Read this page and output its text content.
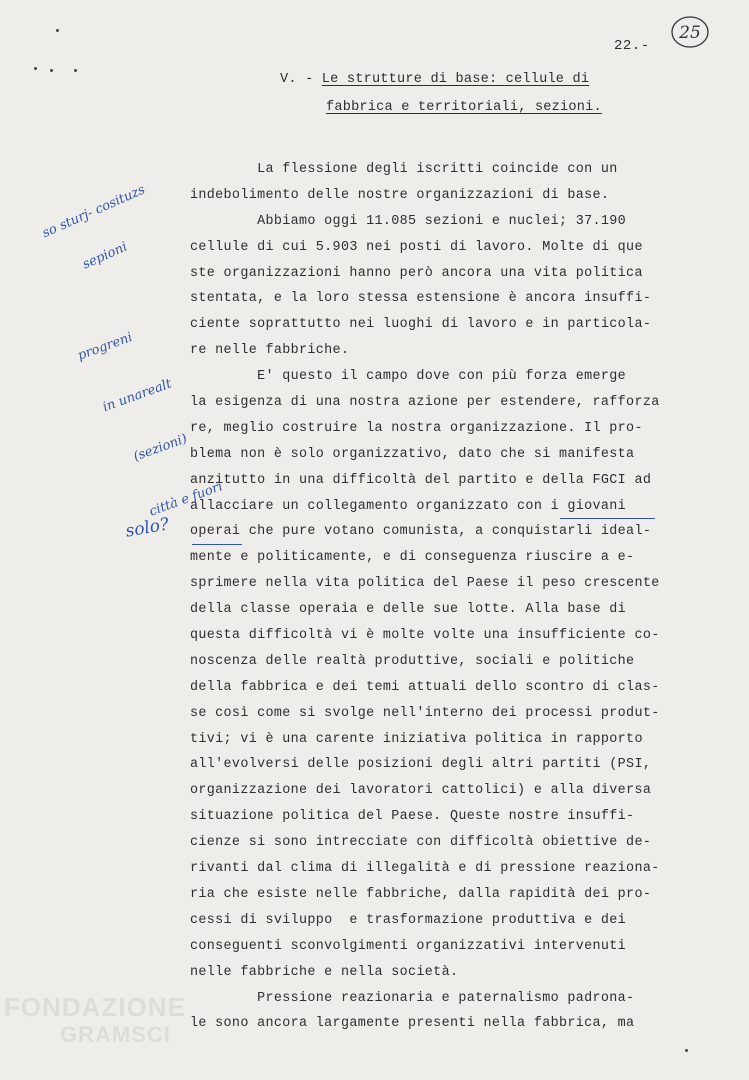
25
22.-
V. - Le strutture di base: cellule di
fabbrica e territoriali, sezioni.
La flessione degli iscritti coincide con un
indebolimento delle nostre organizzazioni di base.
Abbiamo oggi 11.085 sezioni e nuclei; 37.190
cellule di cui 5.903 nei posti di lavoro. Molte di que
ste organizzazioni hanno però ancora una vita politica
stentata, e la loro stessa estensione è ancora insuffi-
ciente soprattutto nei luoghi di lavoro e in particola-
re nelle fabbriche.
E' questo il campo dove con più forza emerge
la esigenza di una nostra azione per estendere, rafforza
re, meglio costruire la nostra organizzazione. Il pro-
blema non è solo organizzativo, dato che si manifesta
anzitutto in una difficoltà del partito e della FGCI ad
allacciare un collegamento organizzato con i giovani
operai che pure votano comunista, a conquistarli ideal-
mente e politicamente, e di conseguenza riuscire a e-
sprimere nella vita politica del Paese il peso crescente
della classe operaia e delle sue lotte. Alla base di
questa difficoltà vi è molte volte una insufficiente co-
noscenza delle realtà produttive, sociali e politiche
della fabbrica e dei temi attuali dello scontro di clas-
se così come si svolge nell'interno dei processi produt-
tivi; vi è una carente iniziativa politica in rapporto
all'evolversi delle posizioni degli altri partiti (PSI,
organizzazione dei lavoratori cattolici) e alla diversa
situazione politica del Paese. Queste nostre insuffi-
cienze si sono intrecciate con difficoltà obiettive de-
rivanti dal clima di illegalità e di pressione reaziona-
ria che esiste nelle fabbriche, dalla rapidità dei pro-
cessi di sviluppo  e trasformazione produttiva e dei
conseguenti sconvolgimenti organizzativi intervenuti
nelle fabbriche e nella società.
Pressione reazionaria e paternalismo padrona-
le sono ancora largamente presenti nella fabbrica, ma

so sturj- cosituzs

sepioni

progreni

in unarealt

(sezioni)

città e fuori

solo?
FONDAZIONE
GRAMSCI
